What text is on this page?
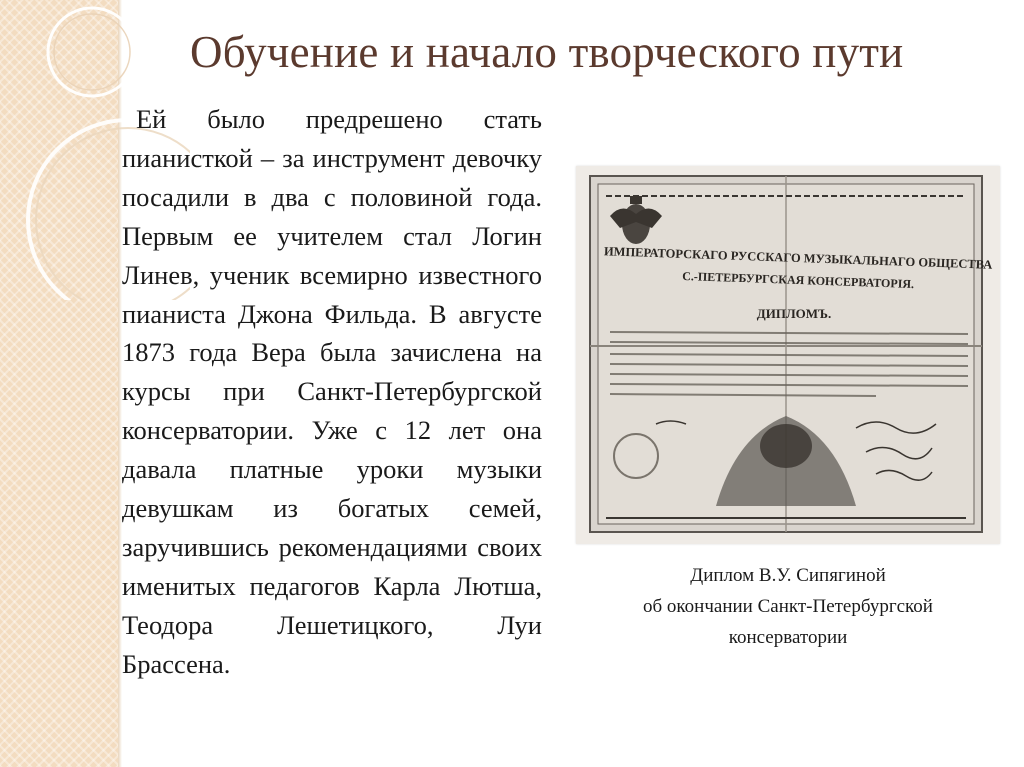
Обучение и начало творческого пути
Ей было предрешено стать пианисткой – за инструмент девочку посадили в два с половиной года. Первым ее учителем стал Логин Линев, ученик всемирно известного пианиста Джона Фильда. В августе 1873 года Вера была зачислена на курсы при Санкт-Петербургской консерватории. Уже с 12 лет она давала платные уроки музыки девушкам из богатых семей, заручившись рекомендациями своих именитых педагогов Карла Лютша, Теодора Лешетицкого, Луи Брассена.
ИМПЕРАТОРСКАГО РУССКАГО МУЗЫКАЛЬНАГО ОБЩЕСТВА
С.-ПЕТЕРБУРГСКАЯ КОНСЕРВАТОРІЯ.
ДИПЛОМЪ.
Диплом В.У. Сипягиной
об окончании Санкт-Петербургской
консерватории
